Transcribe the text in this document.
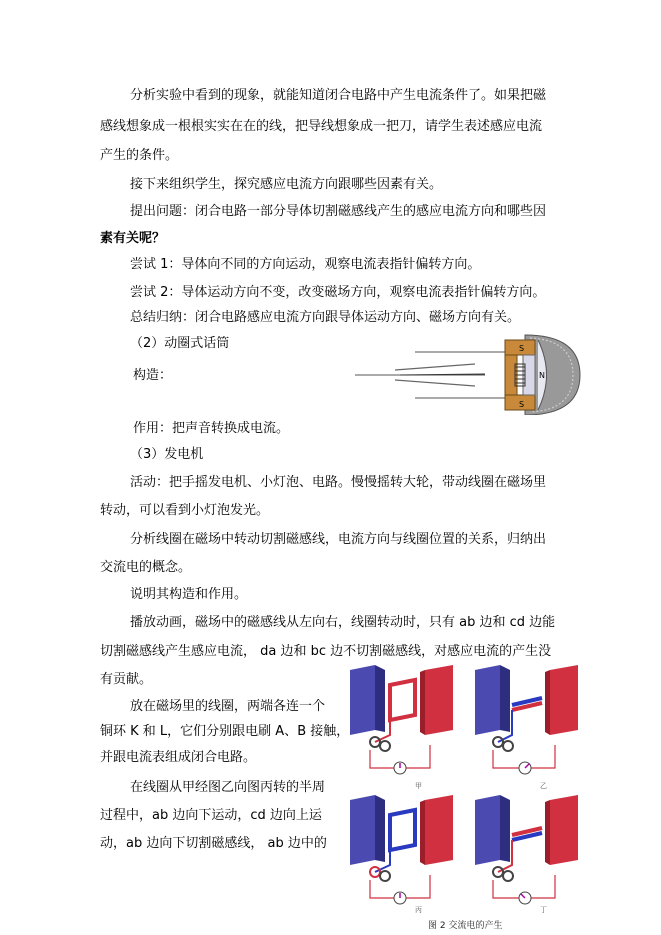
分析实验中看到的现象，就能知道闭合电路中产生电流条件了。如果把磁
感线想象成一根根实实在在的线，把导线想象成一把刀，请学生表述感应电流
产生的条件。
接下来组织学生，探究感应电流方向跟哪些因素有关。
提出问题：闭合电路一部分导体切割磁感线产生的感应电流方向和哪些因
素有关呢？
尝试 1：导体向不同的方向运动，观察电流表指针偏转方向。
尝试 2：导体运动方向不变，改变磁场方向，观察电流表指针偏转方向。
总结归纳：闭合电路感应电流方向跟导体运动方向、磁场方向有关。
（2）动圈式话筒
构造：
作用：把声音转换成电流。
（3）发电机
活动：把手摇发电机、小灯泡、电路。慢慢摇转大轮，带动线圈在磁场里
转动，可以看到小灯泡发光。
分析线圈在磁场中转动切割磁感线，电流方向与线圈位置的关系，归纳出
交流电的概念。
说明其构造和作用。
播放动画，磁场中的磁感线从左向右，线圈转动时，只有 ab 边和 cd 边能
切割磁感线产生感应电流， da 边和 bc 边不切割磁感线，对感应电流的产生没
有贡献。
放在磁场里的线圈，两端各连一个
铜环 K 和 L，它们分别跟电刷 A、B 接触，
并跟电流表组成闭合电路。
在线圈从甲经图乙向图丙转的半周
过程中，ab 边向下运动，cd 边向上运
动，ab 边向下切割磁感线， ab 边中的
S
N
S
甲	乙
丙	丁
图 2 交流电的产生
